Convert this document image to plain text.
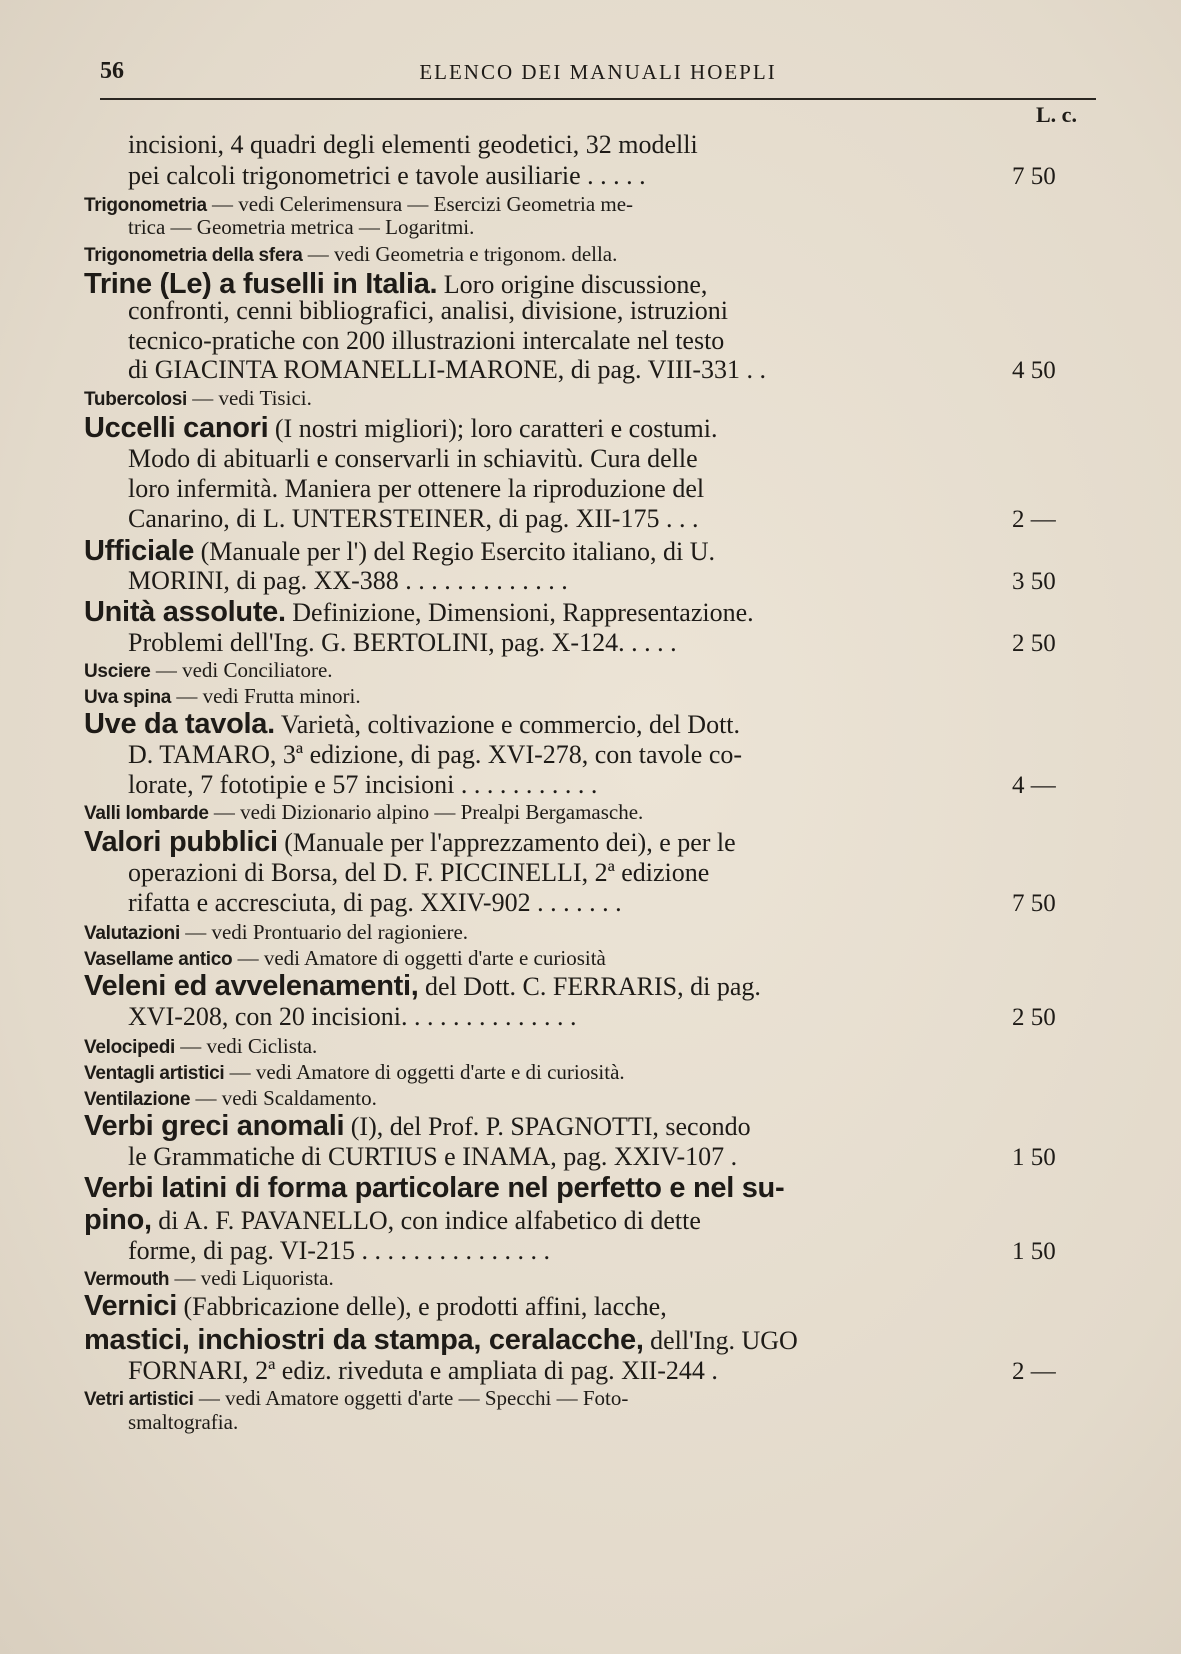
56	ELENCO DEI MANUALI HOEPLI
L. c.
incisioni, 4 quadri degli elementi geodetici, 32 modelli
pei calcoli trigonometrici e tavole ausiliarie . . . . .	7 50
Trigonometria — vedi Celerimensura — Esercizi Geometria me-
trica — Geometria metrica — Logaritmi.
Trigonometria della sfera — vedi Geometria e trigonom. della.
Trine (Le) a fuselli in Italia. Loro origine discussione,
confronti, cenni bibliografici, analisi, divisione, istruzioni
tecnico-pratiche con 200 illustrazioni intercalate nel testo
di GIACINTA ROMANELLI-MARONE, di pag. VIII-331 . .	4 50
Tubercolosi — vedi Tisici.
Uccelli canori (I nostri migliori); loro caratteri e costumi.
Modo di abituarli e conservarli in schiavitù. Cura delle
loro infermità. Maniera per ottenere la riproduzione del
Canarino, di L. UNTERSTEINER, di pag. XII-175 . . .	2 —
Ufficiale (Manuale per l') del Regio Esercito italiano, di U.
MORINI, di pag. XX-388 . . . . . . . . . . . . .	3 50
Unità assolute. Definizione, Dimensioni, Rappresentazione.
Problemi dell'Ing. G. BERTOLINI, pag. X-124. . . . .	2 50
Usciere — vedi Conciliatore.
Uva spina — vedi Frutta minori.
Uve da tavola. Varietà, coltivazione e commercio, del Dott.
D. TAMARO, 3ª edizione, di pag. XVI-278, con tavole co-
lorate, 7 fototipie e 57 incisioni . . . . . . . . . . .	4 —
Valli lombarde — vedi Dizionario alpino — Prealpi Bergamasche.
Valori pubblici (Manuale per l'apprezzamento dei), e per le
operazioni di Borsa, del D. F. PICCINELLI, 2ª edizione
rifatta e accresciuta, di pag. XXIV-902 . . . . . . .	7 50
Valutazioni — vedi Prontuario del ragioniere.
Vasellame antico — vedi Amatore di oggetti d'arte e curiosità
Veleni ed avvelenamenti, del Dott. C. FERRARIS, di pag.
XVI-208, con 20 incisioni. . . . . . . . . . . . . .	2 50
Velocipedi — vedi Ciclista.
Ventagli artistici — vedi Amatore di oggetti d'arte e di curiosità.
Ventilazione — vedi Scaldamento.
Verbi greci anomali (I), del Prof. P. SPAGNOTTI, secondo
le Grammatiche di CURTIUS e INAMA, pag. XXIV-107 .	1 50
Verbi latini di forma particolare nel perfetto e nel su-
pino, di A. F. PAVANELLO, con indice alfabetico di dette
forme, di pag. VI-215 . . . . . . . . . . . . . . .	1 50
Vermouth — vedi Liquorista.
Vernici (Fabbricazione delle), e prodotti affini, lacche,
mastici, inchiostri da stampa, ceralacche, dell'Ing. UGO
FORNARI, 2ª ediz. riveduta e ampliata di pag. XII-244 .	2 —
Vetri artistici — vedi Amatore oggetti d'arte — Specchi — Foto-
smaltografia.
